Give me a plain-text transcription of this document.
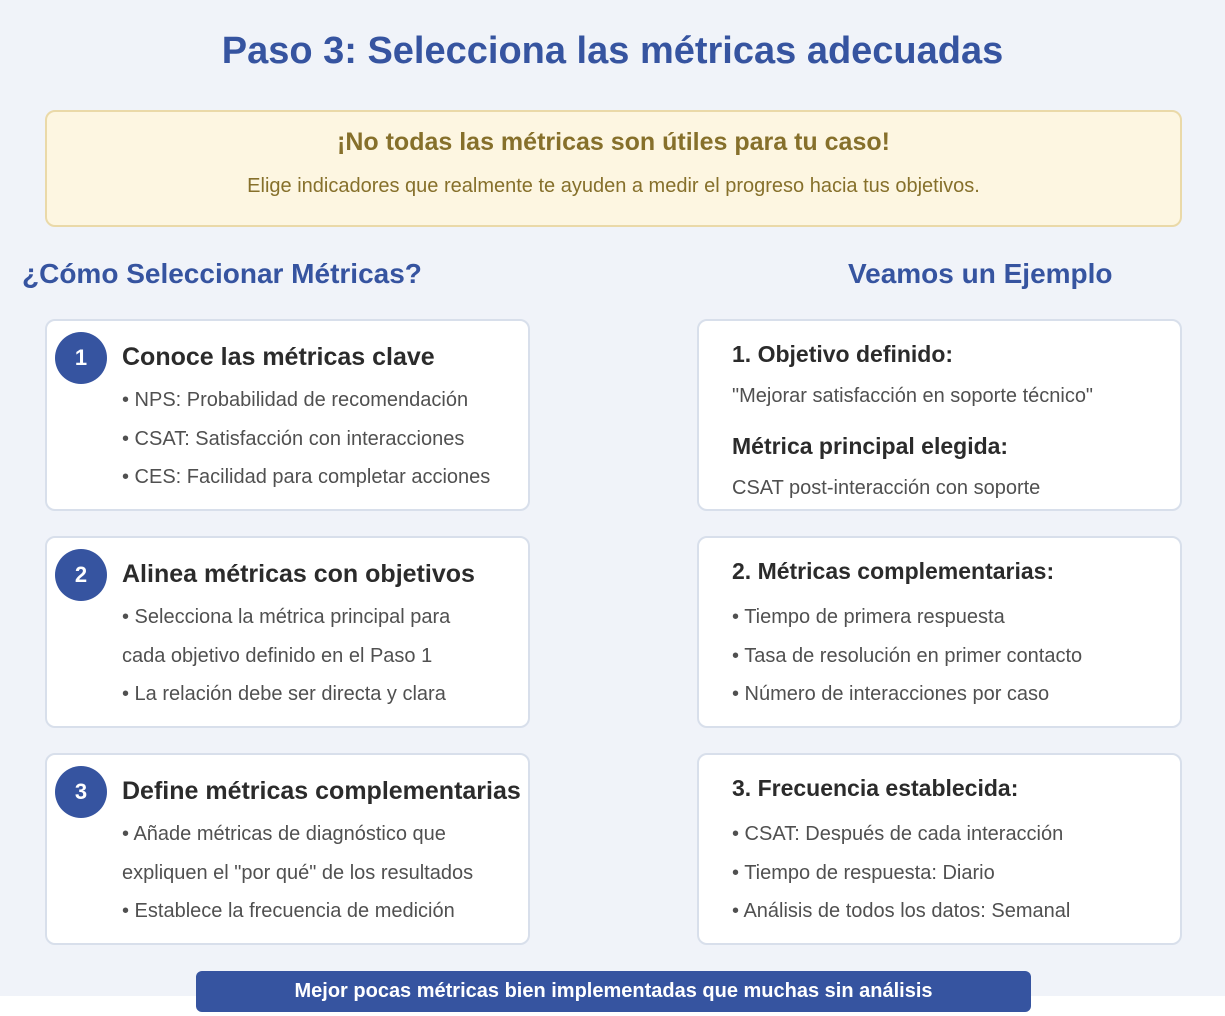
Paso 3: Selecciona las métricas adecuadas
¡No todas las métricas son útiles para tu caso!
Elige indicadores que realmente te ayuden a medir el progreso hacia tus objetivos.
¿Cómo Seleccionar Métricas?	Veamos un Ejemplo
1	Conoce las métricas clave
• NPS: Probabilidad de recomendación
• CSAT: Satisfacción con interacciones
• CES: Facilidad para completar acciones
2	Alinea métricas con objetivos
• Selecciona la métrica principal para
cada objetivo definido en el Paso 1
• La relación debe ser directa y clara
3	Define métricas complementarias
• Añade métricas de diagnóstico que
expliquen el "por qué" de los resultados
• Establece la frecuencia de medición
1. Objetivo definido:
"Mejorar satisfacción en soporte técnico"
Métrica principal elegida:
CSAT post-interacción con soporte
2. Métricas complementarias:
• Tiempo de primera respuesta
• Tasa de resolución en primer contacto
• Número de interacciones por caso
3. Frecuencia establecida:
• CSAT: Después de cada interacción
• Tiempo de respuesta: Diario
• Análisis de todos los datos: Semanal
Mejor pocas métricas bien implementadas que muchas sin análisis
